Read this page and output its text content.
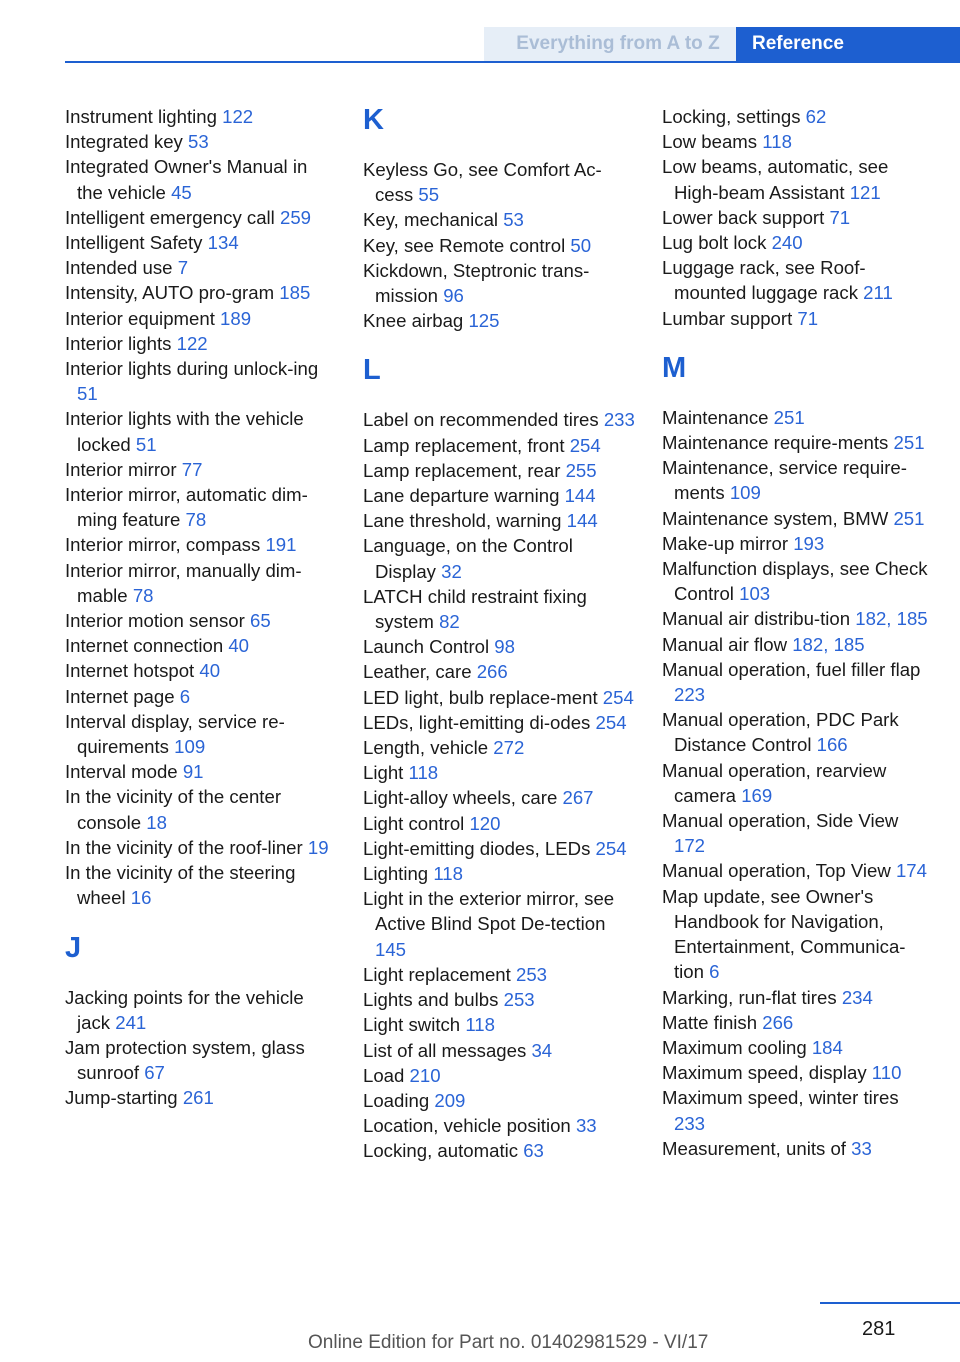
Everything from A to Z	Reference
Instrument lighting 122
Integrated key 53
Integrated Owner's Manual in the vehicle 45
Intelligent emergency call 259
Intelligent Safety 134
Intended use 7
Intensity, AUTO pro-gram 185
Interior equipment 189
Interior lights 122
Interior lights during unlock-ing 51
Interior lights with the vehicle locked 51
Interior mirror 77
Interior mirror, automatic dim-ming feature 78
Interior mirror, compass 191
Interior mirror, manually dim-mable 78
Interior motion sensor 65
Internet connection 40
Internet hotspot 40
Internet page 6
Interval display, service re-quirements 109
Interval mode 91
In the vicinity of the center console 18
In the vicinity of the roof-liner 19
In the vicinity of the steering wheel 16
J
Jacking points for the vehicle jack 241
Jam protection system, glass sunroof 67
Jump-starting 261
K
Keyless Go, see Comfort Ac-cess 55
Key, mechanical 53
Key, see Remote control 50
Kickdown, Steptronic trans-mission 96
Knee airbag 125
L
Label on recommended tires 233
Lamp replacement, front 254
Lamp replacement, rear 255
Lane departure warning 144
Lane threshold, warning 144
Language, on the Control Display 32
LATCH child restraint fixing system 82
Launch Control 98
Leather, care 266
LED light, bulb replace-ment 254
LEDs, light-emitting di-odes 254
Length, vehicle 272
Light 118
Light-alloy wheels, care 267
Light control 120
Light-emitting diodes, LEDs 254
Lighting 118
Light in the exterior mirror, see Active Blind Spot De-tection 145
Light replacement 253
Lights and bulbs 253
Light switch 118
List of all messages 34
Load 210
Loading 209
Location, vehicle position 33
Locking, automatic 63
Locking, settings 62
Low beams 118
Low beams, automatic, see High-beam Assistant 121
Lower back support 71
Lug bolt lock 240
Luggage rack, see Roof-mounted luggage rack 211
Lumbar support 71
M
Maintenance 251
Maintenance require-ments 251
Maintenance, service require-ments 109
Maintenance system, BMW 251
Make-up mirror 193
Malfunction displays, see Check Control 103
Manual air distribu-tion 182, 185
Manual air flow 182, 185
Manual operation, fuel filler flap 223
Manual operation, PDC Park Distance Control 166
Manual operation, rearview camera 169
Manual operation, Side View 172
Manual operation, Top View 174
Map update, see Owner's Handbook for Navigation, Entertainment, Communica-tion 6
Marking, run-flat tires 234
Matte finish 266
Maximum cooling 184
Maximum speed, display 110
Maximum speed, winter tires 233
Measurement, units of 33
281
Online Edition for Part no. 01402981529 - VI/17
